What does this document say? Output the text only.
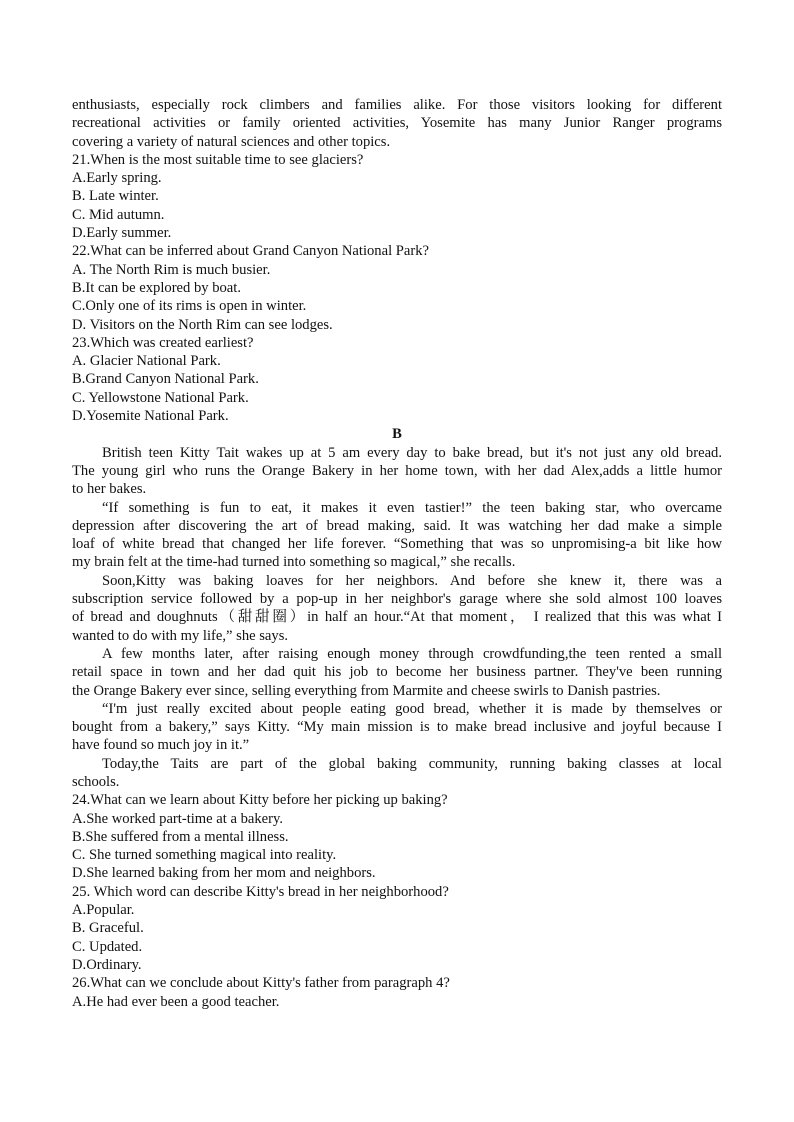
enthusiasts, especially rock climbers and families alike. For those visitors looking for different
recreational activities or family oriented activities, Yosemite has many Junior Ranger programs
covering a variety of natural sciences and other topics.
21.When is the most suitable time to see glaciers?
A.Early spring.
B. Late winter.
C. Mid autumn.
D.Early summer.
22.What can be inferred about Grand Canyon National Park?
A. The North Rim is much busier.
B.It can be explored by boat.
C.Only one of its rims is open in winter.
D. Visitors on the North Rim can see lodges.
23.Which was created earliest?
A. Glacier National Park.
B.Grand Canyon National Park.
C. Yellowstone National Park.
D.Yosemite National Park.
B
British teen Kitty Tait wakes up at 5 am every day to bake bread, but it's not just any old bread.
The young girl who runs the Orange Bakery in her home town, with her dad Alex,adds a little humor
to her bakes.
“If something is fun to eat, it makes it even tastier!” the teen baking star, who overcame
depression after discovering the art of bread making, said. It was watching her dad make a simple
loaf of white bread that changed her life forever. “Something that was so unpromising-a bit like how
my brain felt at the time-had turned into something so magical,” she recalls.
Soon,Kitty was baking loaves for her neighbors. And before she knew it, there was a
subscription service followed by a pop-up in her neighbor's garage where she sold almost 100 loaves
of bread and doughnuts（甜甜圈）in half an hour.“At that moment， I realized that this was what I
wanted to do with my life,” she says.
A few months later, after raising enough money through crowdfunding,the teen rented a small
retail space in town and her dad quit his job to become her business partner. They've been running
the Orange Bakery ever since, selling everything from Marmite and cheese swirls to Danish pastries.
“I'm just really excited about people eating good bread, whether it is made by themselves or
bought from a bakery,” says Kitty. “My main mission is to make bread inclusive and joyful because I
have found so much joy in it.”
Today,the Taits are part of the global baking community, running baking classes at local
schools.
24.What can we learn about Kitty before her picking up baking?
A.She worked part-time at a bakery.
B.She suffered from a mental illness.
C. She turned something magical into reality.
D.She learned baking from her mom and neighbors.
25. Which word can describe Kitty's bread in her neighborhood?
A.Popular.
B. Graceful.
C. Updated.
D.Ordinary.
26.What can we conclude about Kitty's father from paragraph 4?
A.He had ever been a good teacher.
